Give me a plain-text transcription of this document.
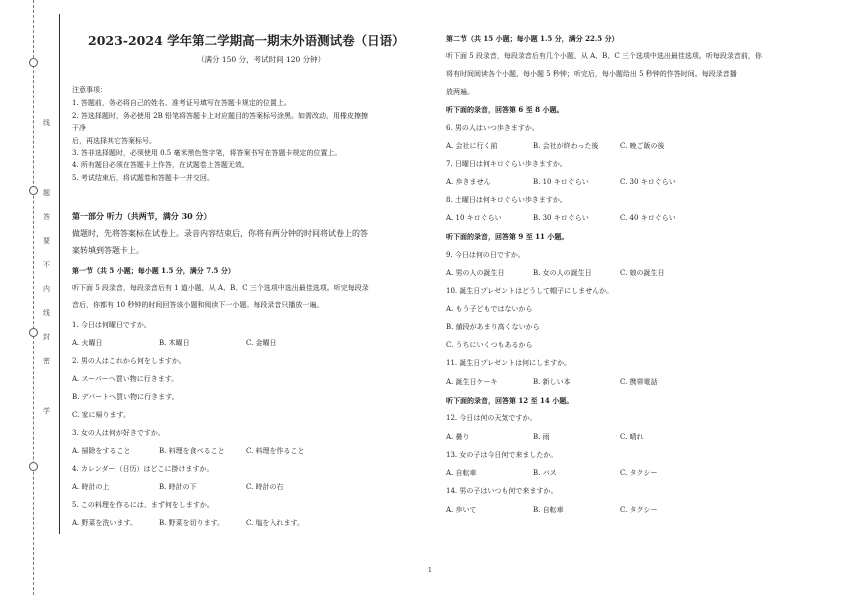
线
题
答
要
不
内
线
封
密
学
2023-2024 学年第二学期高一期末外语测试卷（日语）
（满分 150 分，考试时间 120 分钟）
注意事项：
1. 答题前，务必将自己的姓名、准考证号填写在答题卡规定的位置上。
2. 答选择题时，务必使用 2B 铅笔将答题卡上对应题目的答案标号涂黑。如需改动，用橡皮擦擦
干净
后，再选择其它答案标号。
3. 答非选择题时，必须使用 0.5 毫米黑色签字笔，将答案书写在答题卡规定的位置上。
4. 所有题目必须在答题卡上作答，在试题卷上答题无效。
5. 考试结束后，将试题卷和答题卡一并交回。
第一部分 听力（共两节，满分 30 分）
做题时，先将答案标在试卷上。录音内容结束后，你将有两分钟的时间将试卷上的答
案转填到答题卡上。
第一节（共 5 小题；每小题 1.5 分，满分 7.5 分）
听下面 5 段录音，每段录音后有 1 道小题，从 A、B、C 三个选项中选出最佳选项。听完每段录
音后，你都有 10 秒钟的时间回答该小题和阅读下一小题。每段录音只播放一遍。
1. 今日は何曜日ですか。
A. 火曜日	B. 木曜日	C. 金曜日
2. 男の人はこれから何をしますか。
A. スーパーへ買い物に行きます。
B. デパートへ買い物に行きます。
C. 家に帰ります。
3. 女の人は何が好きですか。
A. 掃除をすること	B. 料理を食べること	C. 料理を作ること
4. カレンダー（日历）はどこに掛けますか。
A. 時計の上	B. 時計の下	C. 時計の右
5. この料理を作るには、まず何をしますか。
A. 野菜を洗います。	B. 野菜を切ります。	C. 塩を入れます。
第二节（共 15 小题；每小题 1.5 分，满分 22.5 分）
听下面 5 段录音，每段录音后有几个小题，从 A、B、C 三个选项中选出最佳选项。听每段录音前，你
将有时间阅读各个小题，每小题 5 秒钟；听完后，每小题给出 5 秒钟的作答时间。每段录音播
放两遍。
听下面的录音，回答第 6 至 8 小题。
6. 男の人はいつ歩きますか。
A. 会社に行く前	B. 会社が終わった後	C. 晩ご飯の後
7. 日曜日は何キロぐらい歩きますか。
A. 歩きません	B. 10 キロぐらい	C. 30 キロぐらい
8. 土曜日は何キロぐらい歩きますか。
A. 10 キロぐらい	B. 30 キロぐらい	C. 40 キロぐらい
听下面的录音，回答第 9 至 11 小题。
9. 今日は何の日ですか。
A. 男の人の誕生日	B. 女の人の誕生日	C. 娘の誕生日
10. 誕生日プレゼントはどうして帽子にしませんか。
A. もう子どもではないから
B. 値段があまり高くないから
C. うちにいくつもあるから
11. 誕生日プレゼントは何にしますか。
A. 誕生日ケーキ	B. 新しい本	C. 携帯電話
听下面的录音，回答第 12 至 14 小题。
12. 今日は何の天気ですか。
A. 曇り	B. 雨	C. 晴れ
13. 女の子は今日何で来ましたか。
A. 自転車	B. バス	C. タクシー
14. 男の子はいつも何で来ますか。
A. 歩いて	B. 自転車	C. タクシー
1
